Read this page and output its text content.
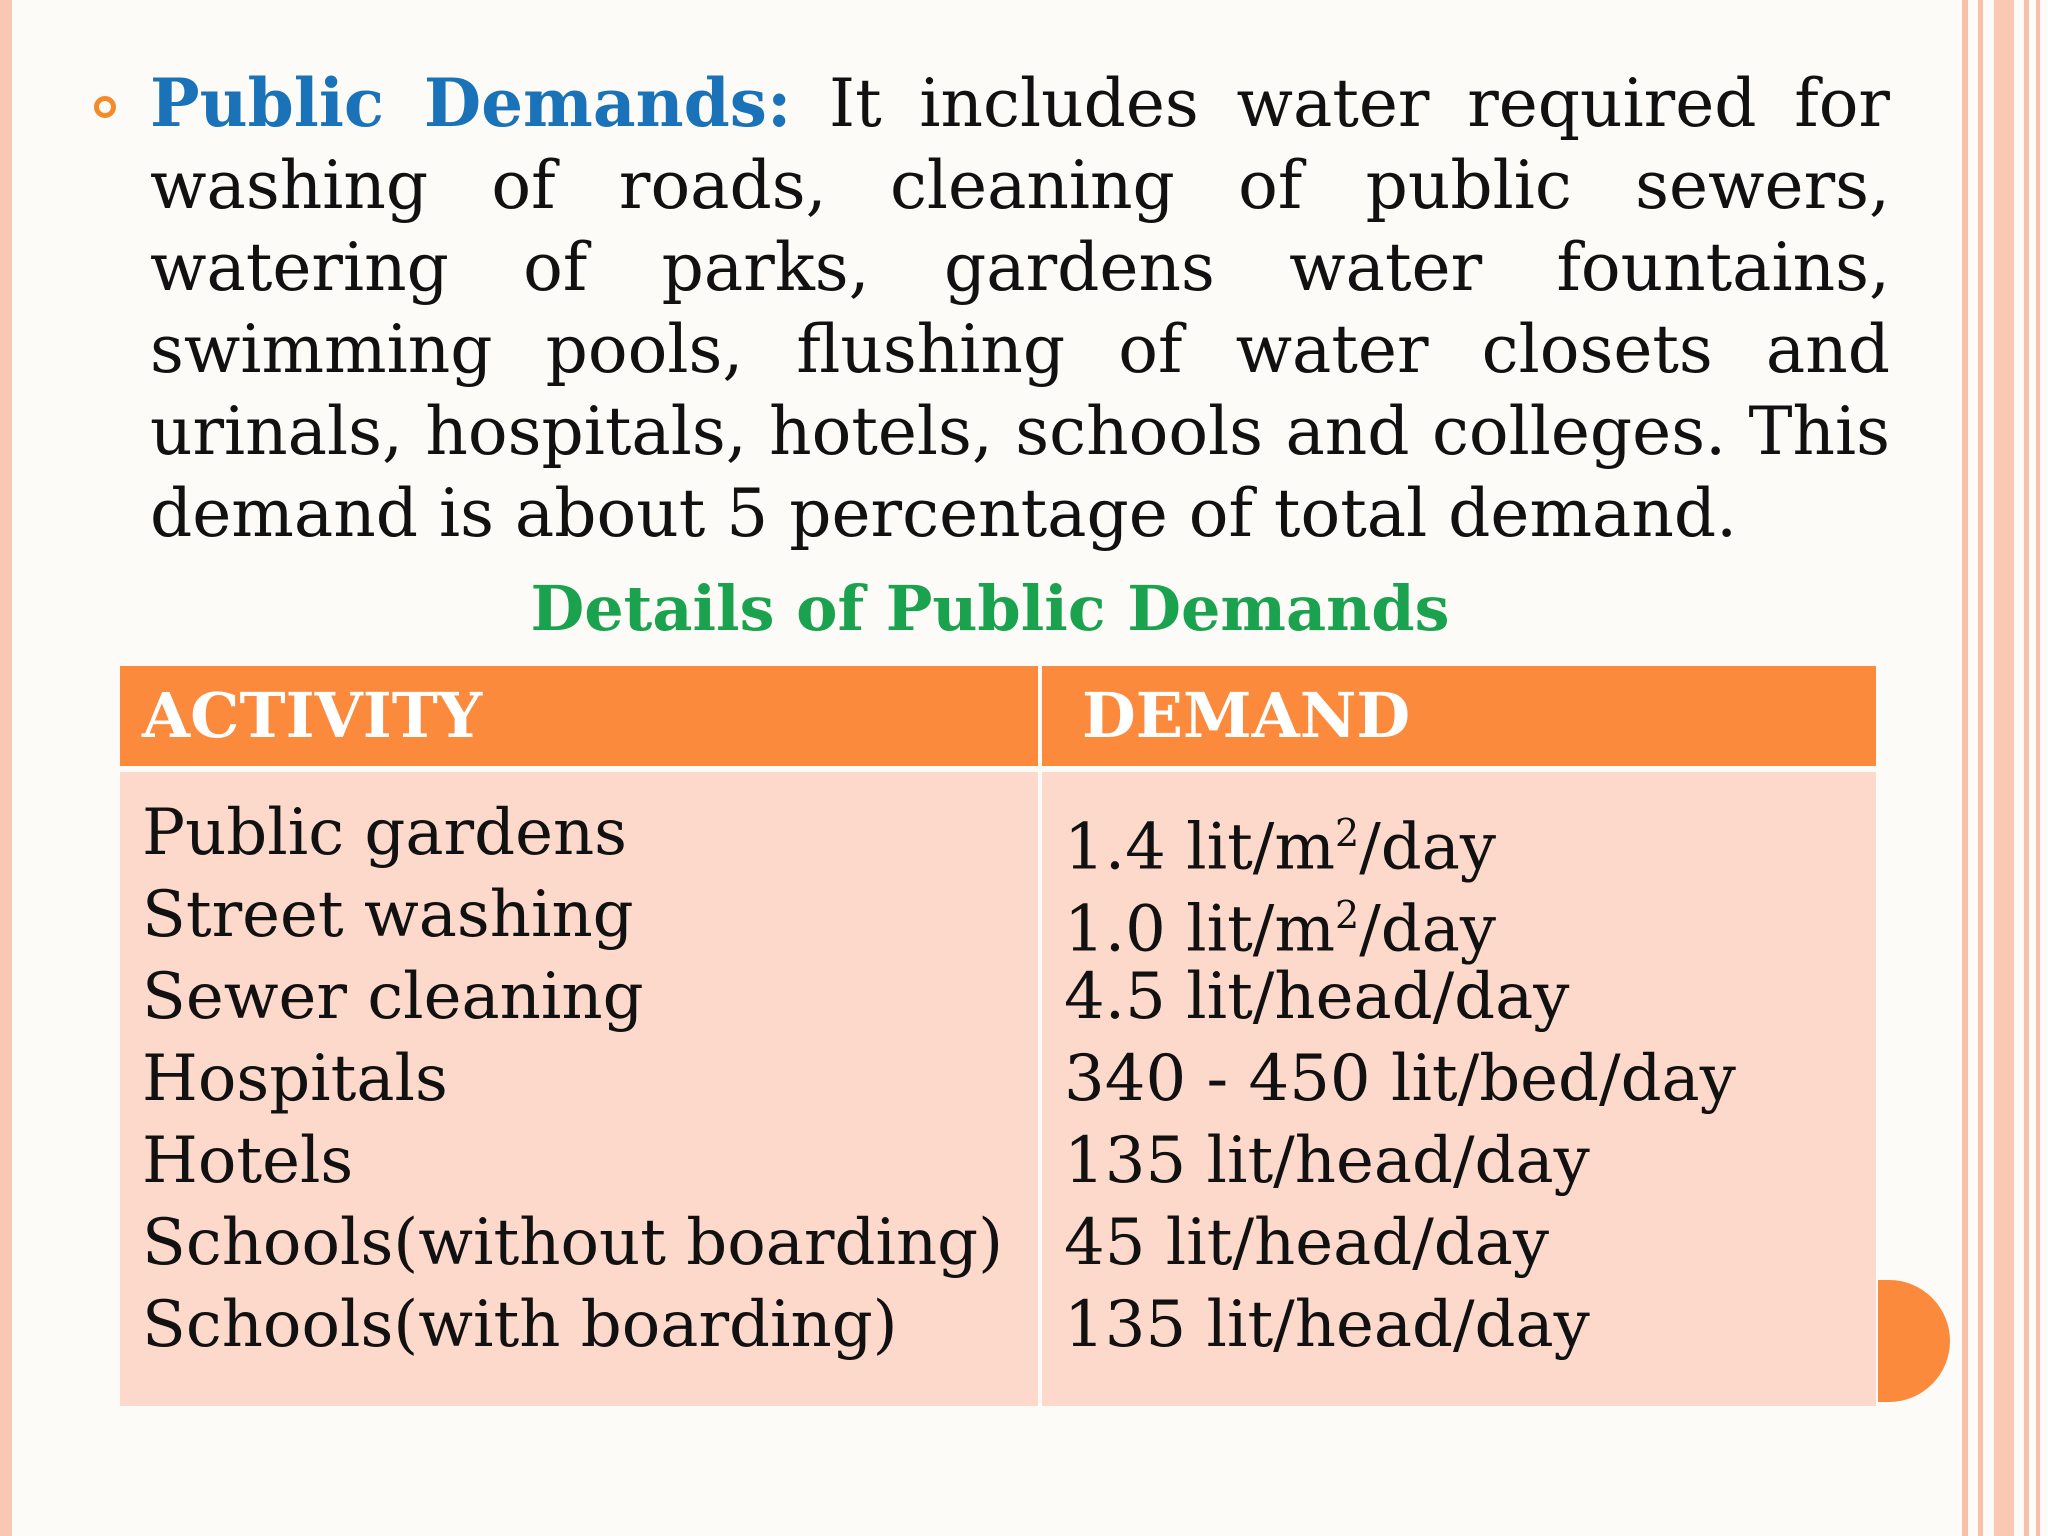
Public Demands: It includes water required for washing of roads, cleaning of public sewers, watering of parks, gardens water fountains, swimming pools, flushing of water closets and urinals, hospitals, hotels, schools and colleges. This demand is about 5 percentage of total demand.
Details of Public Demands
ACTIVITY	DEMAND
Public gardens
Street washing
Sewer cleaning
Hospitals
Hotels
Schools(without boarding)
Schools(with boarding)
1.4 lit/$m^2$/day
1.0 lit/$m^2$/day
4.5 lit/head/day
340 - 450 lit/bed/day
135 lit/head/day
45 lit/head/day
135 lit/head/day
